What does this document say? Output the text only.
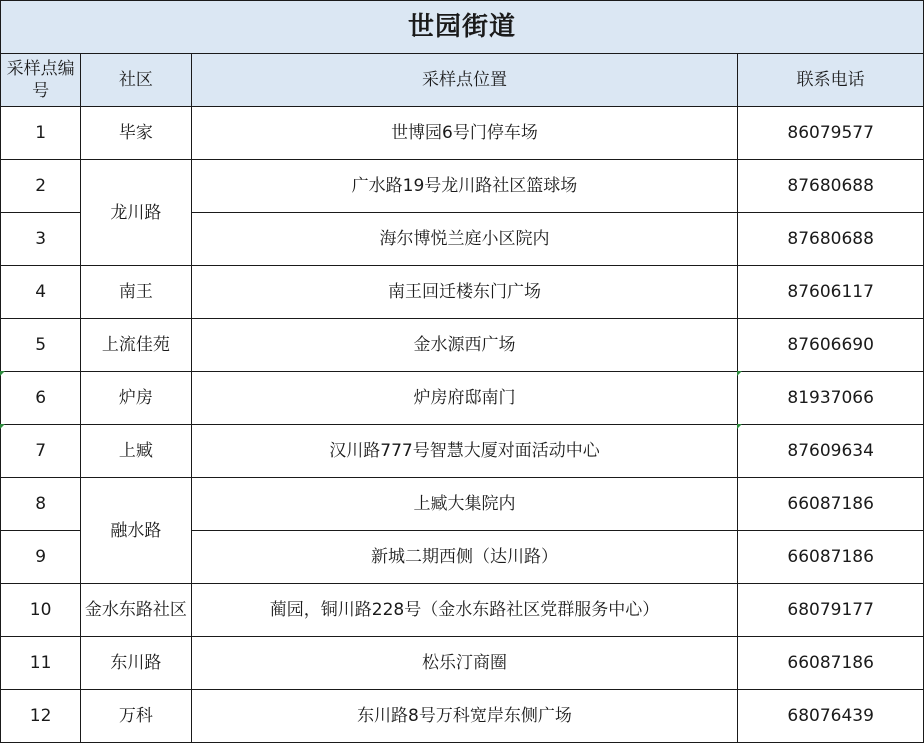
世园街道			
采样点编号	社区	采样点位置	联系电话
1	毕家	世博园6号门停车场	86079577
2	龙川路	广水路19号龙川路社区篮球场	87680688
3		海尔博悦兰庭小区院内	87680688
4	南王	南王回迁楼东门广场	87606117
5	上流佳苑	金水源西广场	87606690
6	炉房	炉房府邸南门	81937066
7	上臧	汉川路777号智慧大厦对面活动中心	87609634
8	融水路	上臧大集院内	66087186
9		新城二期西侧（达川路）	66087186
10	金水东路社区	蔺园，铜川路228号（金水东路社区党群服务中心）	68079177
11	东川路	松乐汀商圈	66087186
12	万科	东川路8号万科宽岸东侧广场	68076439
